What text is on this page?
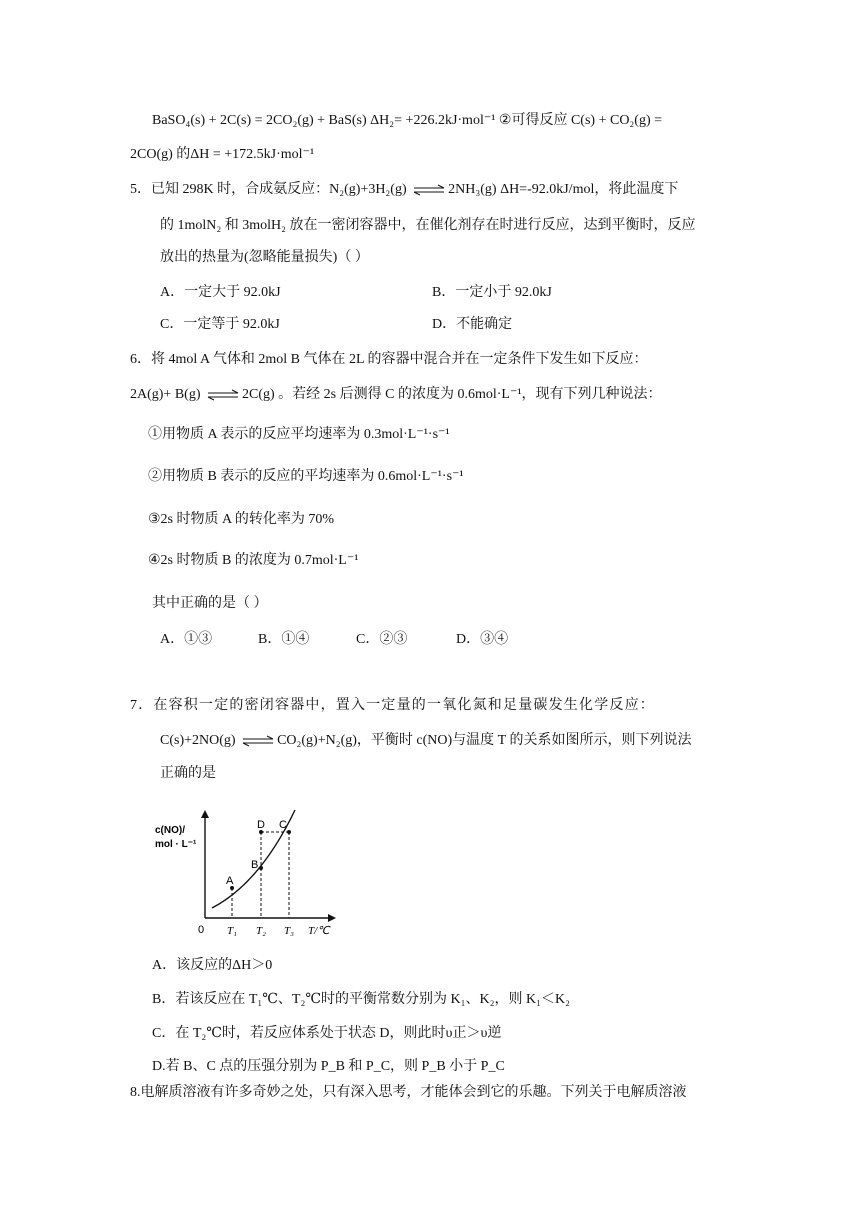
BaSO₄(s) + 2C(s) = 2CO₂(g) + BaS(s) ΔH₂= +226.2kJ·mol⁻¹ ②可得反应 C(s) + CO₂(g) =
2CO(g) 的ΔH = +172.5kJ·mol⁻¹
5．已知 298K 时，合成氨反应：N₂(g)+3H₂(g) ⇌ 2NH₃(g) ΔH=-92.0kJ/mol，将此温度下
的 1molN₂ 和 3molH₂ 放在一密闭容器中，在催化剂存在时进行反应，达到平衡时，反应
放出的热量为(忽略能量损失)（ ）
A．一定大于 92.0kJ	B．一定小于 92.0kJ
C．一定等于 92.0kJ	D．不能确定
6．将 4mol A 气体和 2mol B 气体在 2L 的容器中混合并在一定条件下发生如下反应：
2A(g)+ B(g) ⇌ 2C(g) 。若经 2s 后测得 C 的浓度为 0.6mol·L⁻¹，现有下列几种说法：
①用物质 A 表示的反应平均速率为 0.3mol·L⁻¹·s⁻¹
②用物质 B 表示的反应的平均速率为 0.6mol·L⁻¹·s⁻¹
③2s 时物质 A 的转化率为 70%
④2s 时物质 B 的浓度为 0.7mol·L⁻¹
其中正确的是（ ）
A．①③	B．①④	C．②③	D．③④
7．在容积一定的密闭容器中，置入一定量的一氧化氮和足量碳发生化学反应：
C(s)+2NO(g) ⇌ CO₂(g)+N₂(g)，平衡时 c(NO)与温度 T 的关系如图所示，则下列说法
正确的是
c(NO)/
mol · L⁻¹
A
B
C
D
0 T₁ T₂ T₃ T/℃
A．该反应的ΔH＞0
B．若该反应在 T₁℃、T₂℃时的平衡常数分别为 K₁、K₂，则 K₁＜K₂
C．在 T₂℃时，若反应体系处于状态 D，则此时υ正＞υ逆
D.若 B、C 点的压强分别为 P_B 和 P_C，则 P_B 小于 P_C
8.电解质溶液有许多奇妙之处，只有深入思考，才能体会到它的乐趣。下列关于电解质溶液
